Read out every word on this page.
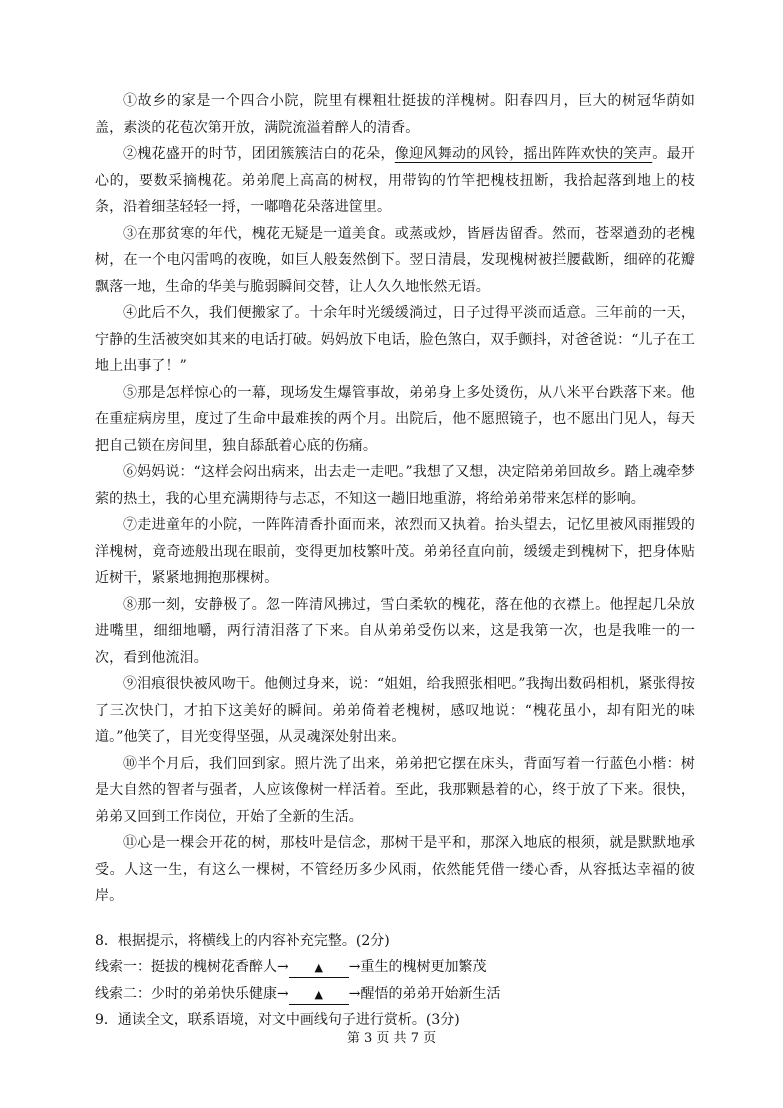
①故乡的家是一个四合小院，院里有棵粗壮挺拔的洋槐树。阳春四月，巨大的树冠华荫如盖，素淡的花苞次第开放，满院流溢着醉人的清香。

②槐花盛开的时节，团团簇簇洁白的花朵，像迎风舞动的风铃，摇出阵阵欢快的笑声。最开心的，要数采摘槐花。弟弟爬上高高的树杈，用带钩的竹竿把槐枝扭断，我拾起落到地上的枝条，沿着细茎轻轻一捋，一嘟噜花朵落进筐里。

③在那贫寒的年代，槐花无疑是一道美食。或蒸或炒，皆唇齿留香。然而，苍翠遒劲的老槐树，在一个电闪雷鸣的夜晚，如巨人般轰然倒下。翌日清晨，发现槐树被拦腰截断，细碎的花瓣飘落一地，生命的华美与脆弱瞬间交替，让人久久地怅然无语。

④此后不久，我们便搬家了。十余年时光缓缓淌过，日子过得平淡而适意。三年前的一天，宁静的生活被突如其来的电话打破。妈妈放下电话，脸色煞白，双手颤抖，对爸爸说：“儿子在工地上出事了！”

⑤那是怎样惊心的一幕，现场发生爆管事故，弟弟身上多处烫伤，从八米平台跌落下来。他在重症病房里，度过了生命中最难挨的两个月。出院后，他不愿照镜子，也不愿出门见人，每天把自己锁在房间里，独自舔舐着心底的伤痛。

⑥妈妈说：“这样会闷出病来，出去走一走吧。”我想了又想，决定陪弟弟回故乡。踏上魂牵梦萦的热土，我的心里充满期待与忐忑，不知这一趟旧地重游，将给弟弟带来怎样的影响。

⑦走进童年的小院，一阵阵清香扑面而来，浓烈而又执着。抬头望去，记忆里被风雨摧毁的洋槐树，竟奇迹般出现在眼前，变得更加枝繁叶茂。弟弟径直向前，缓缓走到槐树下，把身体贴近树干，紧紧地拥抱那棵树。

⑧那一刻，安静极了。忽一阵清风拂过，雪白柔软的槐花，落在他的衣襟上。他捏起几朵放进嘴里，细细地嚼，两行清泪落了下来。自从弟弟受伤以来，这是我第一次，也是我唯一的一次，看到他流泪。

⑨泪痕很快被风吻干。他侧过身来，说：“姐姐，给我照张相吧。”我掏出数码相机，紧张得按了三次快门，才拍下这美好的瞬间。弟弟倚着老槐树，感叹地说：“槐花虽小，却有阳光的味道。”他笑了，目光变得坚强，从灵魂深处射出来。

⑩半个月后，我们回到家。照片洗了出来，弟弟把它摆在床头，背面写着一行蓝色小楷：树是大自然的智者与强者，人应该像树一样活着。至此，我那颗悬着的心，终于放了下来。很快，弟弟又回到工作岗位，开始了全新的生活。

⑪心是一棵会开花的树，那枝叶是信念，那树干是平和，那深入地底的根须，就是默默地承受。人这一生，有这么一棵树，不管经历多少风雨，依然能凭借一缕心香，从容抵达幸福的彼岸。

8．根据提示，将横线上的内容补充完整。(2分)

线索一：挺拔的槐树花香醉人→ ▲ →重生的槐树更加繁茂

线索二：少时的弟弟快乐健康→ ▲ →醒悟的弟弟开始新生活

9．通读全文，联系语境，对文中画线句子进行赏析。(3分)

第 3 页 共 7 页
